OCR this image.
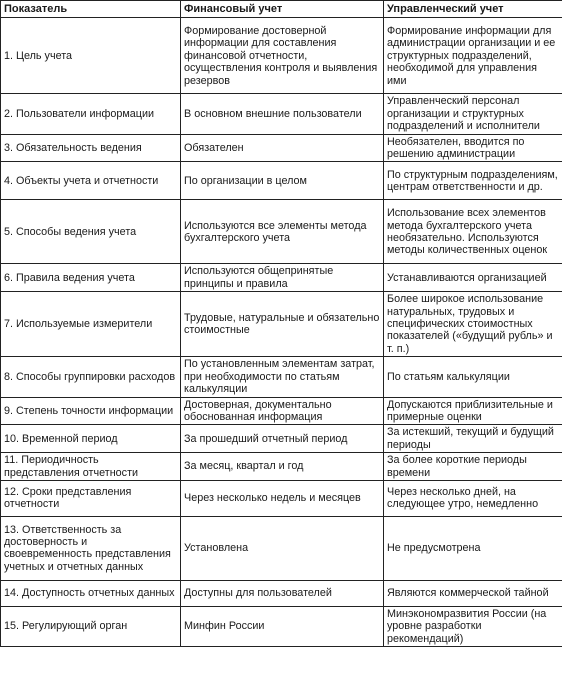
Показатель	Финансовый учет	Управленческий учет
1. Цель учета	Формирование достоверной информации для составления финансовой отчетности, осуществления контроля и выявления резервов	Формирование информации для администрации организации и ее структурных подразделений, необходимой для управления ими
2. Пользователи информации	В основном внешние пользователи	Управленческий персонал организации и структурных подразделений и исполнители
3. Обязательность ведения	Обязателен	Необязателен, вводится по решению администрации
4. Объекты учета и отчетности	По организации в целом	По структурным подразделениям, центрам ответственности и др.
5. Способы ведения учета	Используются все элементы метода бухгалтерского учета	Использование всех элементов метода бухгалтерского учета необязательно. Используются методы количественных оценок
6. Правила ведения учета	Используются общепринятые принципы и правила	Устанавливаются организацией
7. Используемые измерители	Трудовые, натуральные и обязательно стоимостные	Более широкое использование натуральных, трудовых и специфических стоимостных показателей («будущий рубль» и т. п.)
8. Способы группировки расходов	По установленным элементам затрат, при необходимости по статьям калькуляции	По статьям калькуляции
9. Степень точности информации	Достоверная, документально обоснованная информация	Допускаются приблизительные и примерные оценки
10. Временной период	За прошедший отчетный период	За истекший, текущий и будущий периоды
11. Периодичность представления отчетности	За месяц, квартал и год	За более короткие периоды времени
12. Сроки представления отчетности	Через несколько недель и месяцев	Через несколько дней, на следующее утро, немедленно
13. Ответственность за достоверность и своевременность представления учетных и отчетных данных	Установлена	Не предусмотрена
14. Доступность отчетных данных	Доступны для пользователей	Являются коммерческой тайной
15. Регулирующий орган	Минфин России	Минэкономразвития России (на уровне разработки рекомендаций)
